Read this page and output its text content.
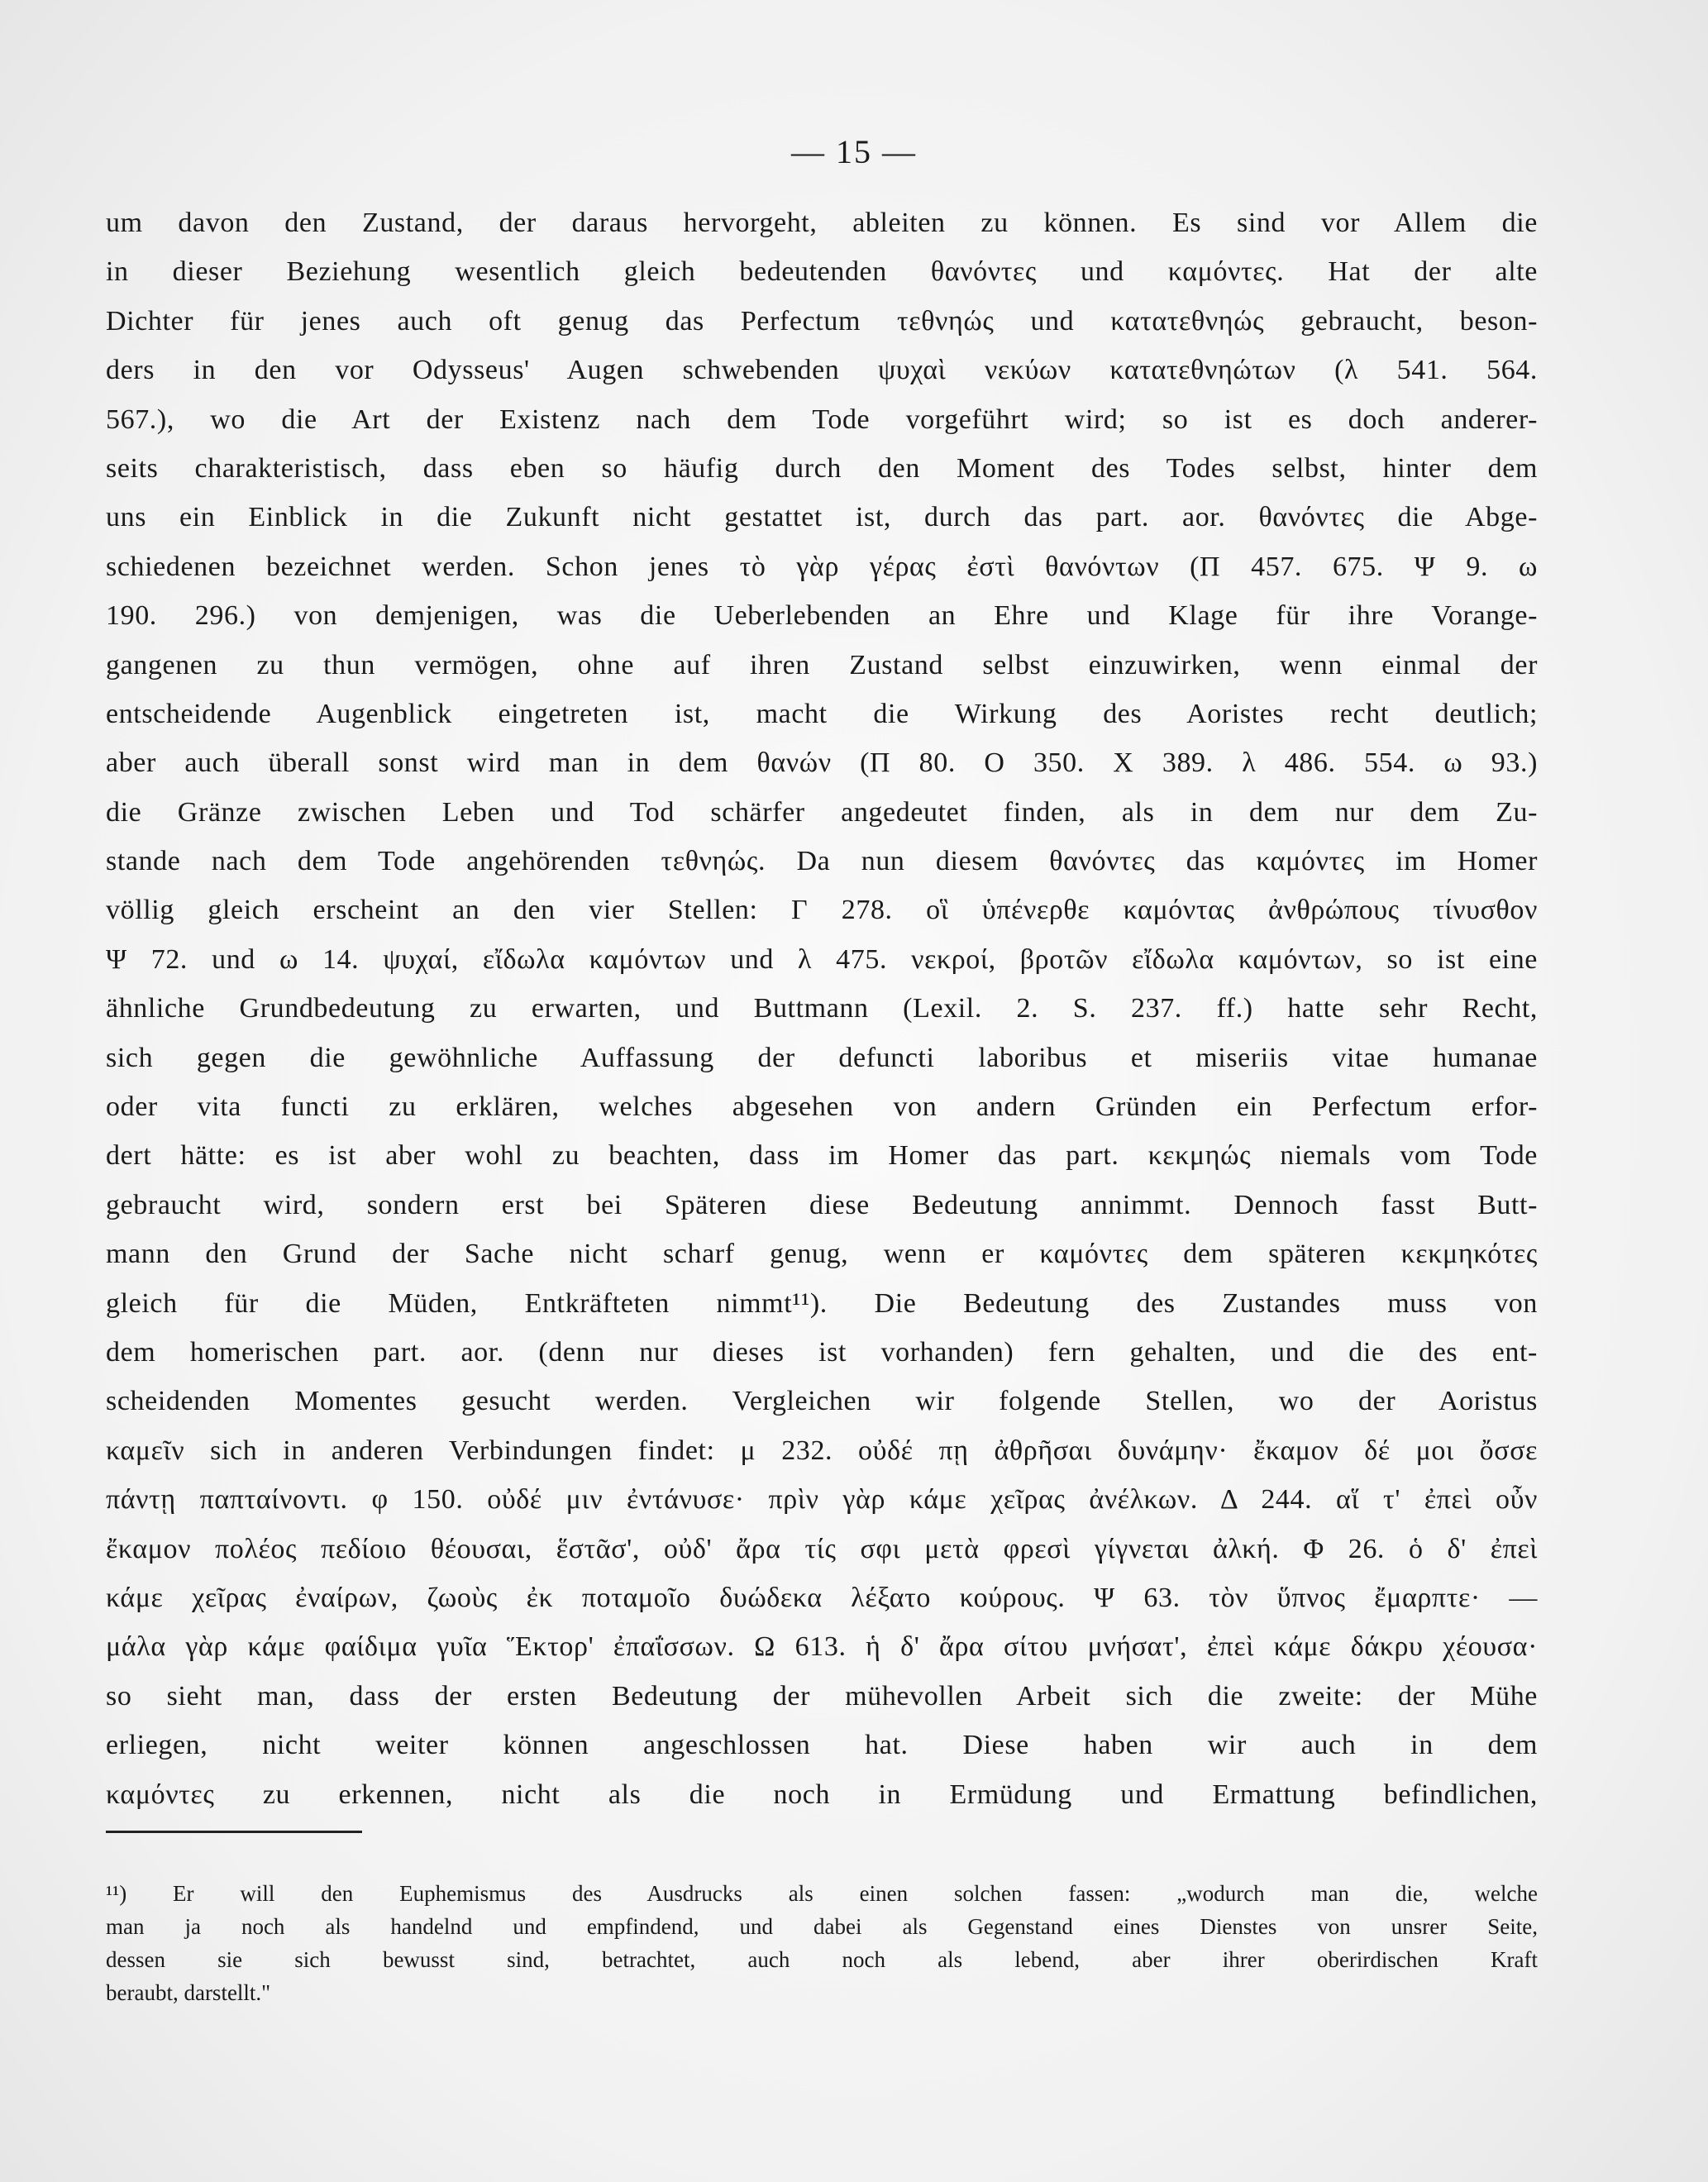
— 15 —
um davon den Zustand, der daraus hervorgeht, ableiten zu können. Es sind vor Allem die
in dieser Beziehung wesentlich gleich bedeutenden θανόντες und καμόντες. Hat der alte
Dichter für jenes auch oft genug das Perfectum τεθνηώς und κατατεθνηώς gebraucht, beson-
ders in den vor Odysseus' Augen schwebenden ψυχαὶ νεκύων κατατεθνηώτων (λ 541. 564.
567.), wo die Art der Existenz nach dem Tode vorgeführt wird; so ist es doch anderer-
seits charakteristisch, dass eben so häufig durch den Moment des Todes selbst, hinter dem
uns ein Einblick in die Zukunft nicht gestattet ist, durch das part. aor. θανόντες die Abge-
schiedenen bezeichnet werden. Schon jenes τὸ γὰρ γέρας ἐστὶ θανόντων (Π 457. 675. Ψ 9. ω
190. 296.) von demjenigen, was die Ueberlebenden an Ehre und Klage für ihre Vorange-
gangenen zu thun vermögen, ohne auf ihren Zustand selbst einzuwirken, wenn einmal der
entscheidende Augenblick eingetreten ist, macht die Wirkung des Aoristes recht deutlich;
aber auch überall sonst wird man in dem θανών (Π 80. Ο 350. Χ 389. λ 486. 554. ω 93.)
die Gränze zwischen Leben und Tod schärfer angedeutet finden, als in dem nur dem Zu-
stande nach dem Tode angehörenden τεθνηώς. Da nun diesem θανόντες das καμόντες im Homer
völlig gleich erscheint an den vier Stellen: Γ 278. οἳ ὑπένερθε καμόντας ἀνθρώπους τίνυσθον
Ψ 72. und ω 14. ψυχαί, εἴδωλα καμόντων und λ 475. νεκροί, βροτῶν εἴδωλα καμόντων, so ist eine
ähnliche Grundbedeutung zu erwarten, und Buttmann (Lexil. 2. S. 237. ff.) hatte sehr Recht,
sich gegen die gewöhnliche Auffassung der defuncti laboribus et miseriis vitae humanae
oder vita functi zu erklären, welches abgesehen von andern Gründen ein Perfectum erfor-
dert hätte: es ist aber wohl zu beachten, dass im Homer das part. κεκμηώς niemals vom Tode
gebraucht wird, sondern erst bei Späteren diese Bedeutung annimmt. Dennoch fasst Butt-
mann den Grund der Sache nicht scharf genug, wenn er καμόντες dem späteren κεκμηκότες
gleich für die Müden, Entkräfteten nimmt¹¹). Die Bedeutung des Zustandes muss von
dem homerischen part. aor. (denn nur dieses ist vorhanden) fern gehalten, und die des ent-
scheidenden Momentes gesucht werden. Vergleichen wir folgende Stellen, wo der Aoristus
καμεῖν sich in anderen Verbindungen findet: μ 232. οὐδέ πῃ ἀθρῆσαι δυνάμην· ἔκαμον δέ μοι ὄσσε
πάντῃ παπταίνοντι. φ 150. οὐδέ μιν ἐντάνυσε· πρὶν γὰρ κάμε χεῖρας ἀνέλκων. Δ 244. αἵ τ' ἐπεὶ οὖν
ἔκαμον πολέος πεδίοιο θέουσαι, ἕστᾶσ', οὐδ' ἄρα τίς σφι μετὰ φρεσὶ γίγνεται ἀλκή. Φ 26. ὁ δ' ἐπεὶ
κάμε χεῖρας ἐναίρων, ζωοὺς ἐκ ποταμοῖο δυώδεκα λέξατο κούρους. Ψ 63. τὸν ὕπνος ἔμαρπτε· —
μάλα γὰρ κάμε φαίδιμα γυῖα Ἕκτορ' ἐπαΐσσων. Ω 613. ἡ δ' ἄρα σίτου μνήσατ', ἐπεὶ κάμε δάκρυ χέουσα·
so sieht man, dass der ersten Bedeutung der mühevollen Arbeit sich die zweite: der Mühe
erliegen, nicht weiter können angeschlossen hat. Diese haben wir auch in dem
καμόντες zu erkennen, nicht als die noch in Ermüdung und Ermattung befindlichen,
¹¹) Er will den Euphemismus des Ausdrucks als einen solchen fassen: „wodurch man die, welche
man ja noch als handelnd und empfindend, und dabei als Gegenstand eines Dienstes von unsrer Seite,
dessen sie sich bewusst sind, betrachtet, auch noch als lebend, aber ihrer oberirdischen Kraft
beraubt, darstellt."
